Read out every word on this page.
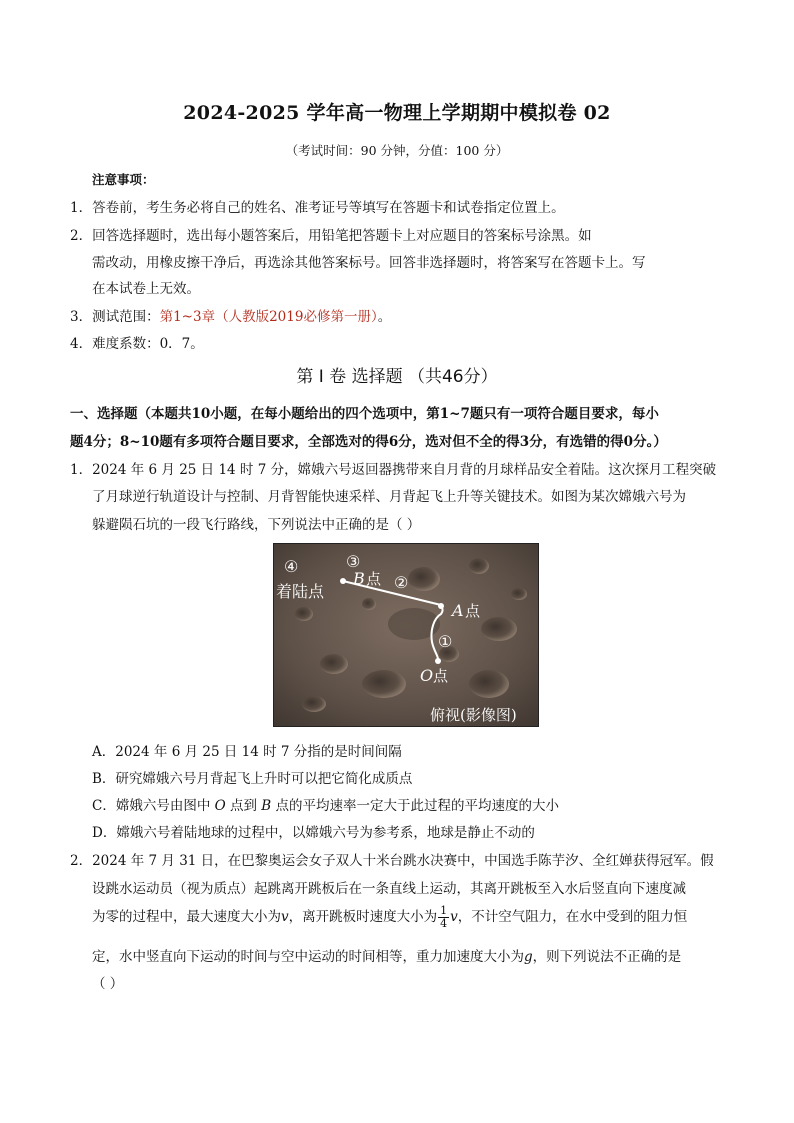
2024-2025 学年高一物理上学期期中模拟卷 02
（考试时间：90 分钟，分值：100 分）
注意事项：
1．答卷前，考生务必将自己的姓名、准考证号等填写在答题卡和试卷指定位置上。
2．回答选择题时，选出每小题答案后，用铅笔把答题卡上对应题目的答案标号涂黑。如
需改动，用橡皮擦干净后，再选涂其他答案标号。回答非选择题时，将答案写在答题卡上。写
在本试卷上无效。
3．测试范围：第1~3章（人教版2019必修第一册）。
4．难度系数：0．7。
第 I 卷 选择题 （共46分）
一、选择题（本题共10小题，在每小题给出的四个选项中，第1~7题只有一项符合题目要求，每小
题4分；8~10题有多项符合题目要求，全部选对的得6分，选对但不全的得3分，有选错的得0分。）
1．2024 年 6 月 25 日 14 时 7 分，嫦娥六号返回器携带来自月背的月球样品安全着陆。这次探月工程突破
了月球逆行轨道设计与控制、月背智能快速采样、月背起飞上升等关键技术。如图为某次嫦娥六号为
躲避陨石坑的一段飞行路线，下列说法中正确的是（ ）
④
着陆点
③
B 点 ②
A 点
①
O 点
俯视(影像图)
A．2024 年 6 月 25 日 14 时 7 分指的是时间间隔
B．研究嫦娥六号月背起飞上升时可以把它简化成质点
C．嫦娥六号由图中 O 点到 B 点的平均速率一定大于此过程的平均速度的大小
D．嫦娥六号着陆地球的过程中，以嫦娥六号为参考系，地球是静止不动的
2．2024 年 7 月 31 日，在巴黎奥运会女子双人十米台跳水决赛中，中国选手陈芋汐、全红婵获得冠军。假
设跳水运动员（视为质点）起跳离开跳板后在一条直线上运动，其离开跳板至入水后竖直向下速度减
为零的过程中，最大速度大小为v，离开跳板时速度大小为 $\frac{1}{4}$ v，不计空气阻力，在水中受到的阻力恒
定，水中竖直向下运动的时间与空中运动的时间相等，重力加速度大小为g，则下列说法不正确的是
（ ）
